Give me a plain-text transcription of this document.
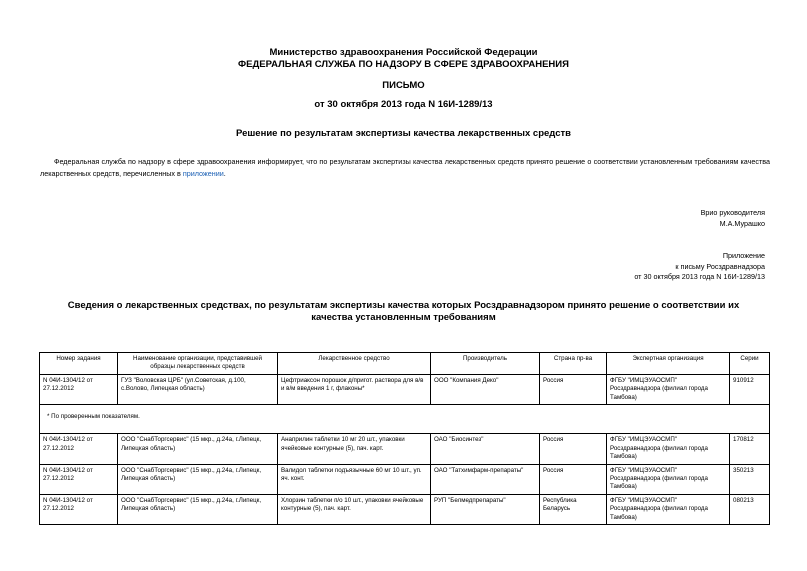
Министерство здравоохранения Российской Федерации
ФЕДЕРАЛЬНАЯ СЛУЖБА ПО НАДЗОРУ В СФЕРЕ ЗДРАВООХРАНЕНИЯ
ПИСЬМО
от 30 октября 2013 года N 16И-1289/13
Решение по результатам экспертизы качества лекарственных средств
Федеральная служба по надзору в сфере здравоохранения информирует, что по результатам экспертизы качества лекарственных средств принято решение о соответствии установленным требованиям качества лекарственных средств, перечисленных в приложении.
Врио руководителя
М.А.Мурашко
Приложение
к письму Росздравнадзора
от 30 октября 2013 года N 16И-1289/13
Сведения о лекарственных средствах, по результатам экспертизы качества которых Росздравнадзором принято решение о соответствии их качества установленным требованиям
Номер задания	Наименование организации, представившей образцы лекарственных средств	Лекарственное средство	Производитель	Страна пр-ва	Экспертная организация	Серии
N 04И-1304/12 от 27.12.2012	ГУЗ "Воловская ЦРБ" (ул.Советская, д.100, с.Волово, Липецкая область)	Цефтриаксон порошок д/пригот. раствора для в/в и в/м введения 1 г, флаконы*	ООО "Компания Деко"	Россия	ФГБУ "ИМЦЭУАОСМП" Росздравнадзора (филиал города Тамбова)	910912
* По проверенным показателям.						
N 04И-1304/12 от 27.12.2012	ООО "СнабТоргсервис" (15 мкр., д.24а, г.Липецк, Липецкая область)	Анаприлин таблетки 10 мг 20 шт., упаковки ячейковые контурные (5), пач. карт.	ОАО "Биосинтез"	Россия	ФГБУ "ИМЦЭУАОСМП" Росздравнадзора (филиал города Тамбова)	170812
N 04И-1304/12 от 27.12.2012	ООО "СнабТоргсервис" (15 мкр., д.24а, г.Липецк, Липецкая область)	Валидол таблетки подъязычные 60 мг 10 шт., уп. яч. конт.	ОАО "Татхимфарм-препараты"	Россия	ФГБУ "ИМЦЭУАОСМП" Росздравнадзора (филиал города Тамбова)	350213
N 04И-1304/12 от 27.12.2012	ООО "СнабТоргсервис" (15 мкр., д.24а, г.Липецк, Липецкая область)	Хлорзин таблетки п/о 10 шт., упаковки ячейковые контурные (5), пач. карт.	РУП "Белмедпрепараты"	Республика Беларусь	ФГБУ "ИМЦЭУАОСМП" Росздравнадзора (филиал города Тамбова)	080213
